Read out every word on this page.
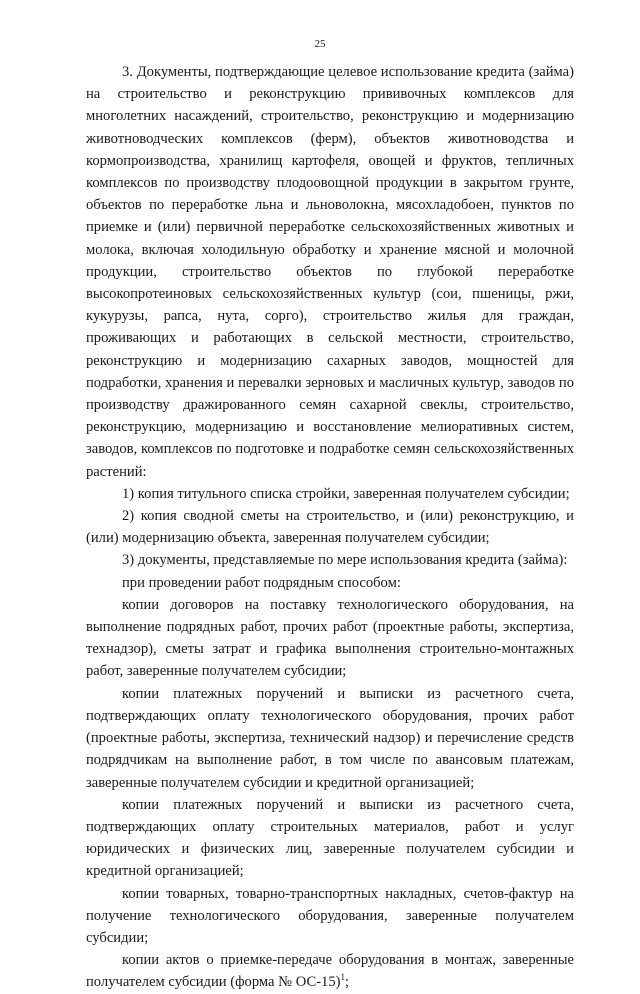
25

3. Документы, подтверждающие целевое использование кредита (займа) на строительство и реконструкцию прививочных комплексов для многолетних насаждений, строительство, реконструкцию и модернизацию животноводческих комплексов (ферм), объектов животноводства и кормопроизводства, хранилищ картофеля, овощей и фруктов, тепличных комплексов по производству плодоовощной продукции в закрытом грунте, объектов по переработке льна и льноволокна, мясохладобоен, пунктов по приемке и (или) первичной переработке сельскохозяйственных животных и молока, включая холодильную обработку и хранение мясной и молочной продукции, строительство объектов по глубокой переработке высокопротеиновых сельскохозяйственных культур (сои, пшеницы, ржи, кукурузы, рапса, нута, сорго), строительство жилья для граждан, проживающих и работающих в сельской местности, строительство, реконструкцию и модернизацию сахарных заводов, мощностей для подработки, хранения и перевалки зерновых и масличных культур, заводов по производству дражированного семян сахарной свеклы, строительство, реконструкцию, модернизацию и восстановление мелиоративных систем, заводов, комплексов по подготовке и подработке семян сельскохозяйственных растений:

1) копия титульного списка стройки, заверенная получателем субсидии;

2) копия сводной сметы на строительство, и (или) реконструкцию, и (или) модернизацию объекта, заверенная получателем субсидии;

3) документы, представляемые по мере использования кредита (займа):

при проведении работ подрядным способом:

копии договоров на поставку технологического оборудования, на выполнение подрядных работ, прочих работ (проектные работы, экспертиза, технадзор), сметы затрат и графика выполнения строительно-монтажных работ, заверенные получателем субсидии;

копии платежных поручений и выписки из расчетного счета, подтверждающих оплату технологического оборудования, прочих работ (проектные работы, экспертиза, технический надзор) и перечисление средств подрядчикам на выполнение работ, в том числе по авансовым платежам, заверенные получателем субсидии и кредитной организацией;

копии платежных поручений и выписки из расчетного счета, подтверждающих оплату строительных материалов, работ и услуг юридических и физических лиц, заверенные получателем субсидии и кредитной организацией;

копии товарных, товарно-транспортных накладных, счетов-фактур на получение технологического оборудования, заверенные получателем субсидии;

копии актов о приемке-передаче оборудования в монтаж, заверенные получателем субсидии (форма № ОС-15)$^1$;
